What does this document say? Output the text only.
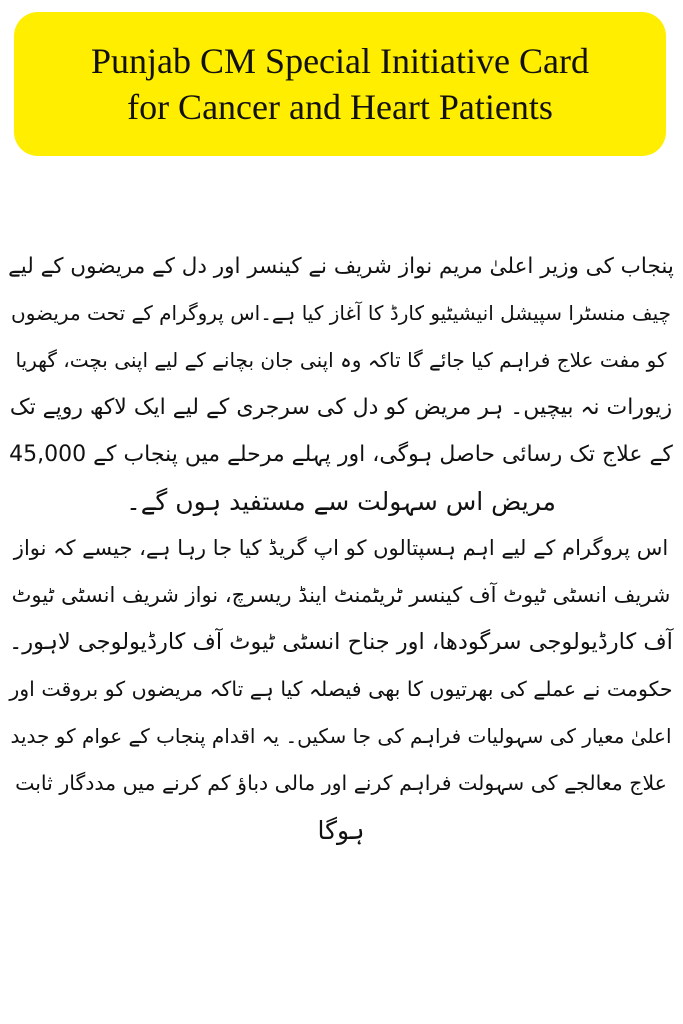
Punjab CM Special Initiative Card
for Cancer and Heart Patients

پنجاب کی وزیر اعلیٰ مریم نواز شریف نے کینسر اور دل کے مریضوں کے لیے

چیف منسٹرا سپیشل انیشیٹیو کارڈ کا آغاز کیا ہے۔اس پروگرام کے تحت مریضوں

کو مفت علاج فراہم کیا جائے گا تاکہ وہ اپنی جان بچانے کے لیے اپنی بچت، گھریا

زیورات نہ بیچیں۔ ہر مریض کو دل کی سرجری کے لیے ایک لاکھ روپے تک

کے علاج تک رسائی حاصل ہوگی، اور پہلے مرحلے میں پنجاب کے 45,000

مریض اس سہولت سے مستفید ہوں گے۔

اس پروگرام کے لیے اہم ہسپتالوں کو اپ گریڈ کیا جا رہا ہے، جیسے کہ نواز

شریف انسٹی ٹیوٹ آف کینسر ٹریٹمنٹ اینڈ ریسرچ، نواز شریف انسٹی ٹیوٹ

آف کارڈیولوجی سرگودھا، اور جناح انسٹی ٹیوٹ آف کارڈیولوجی لاہور۔

حکومت نے عملے کی بھرتیوں کا بھی فیصلہ کیا ہے تاکہ مریضوں کو بروقت اور

اعلیٰ معیار کی سہولیات فراہم کی جا سکیں۔ یہ اقدام پنجاب کے عوام کو جدید

علاج معالجے کی سہولت فراہم کرنے اور مالی دباؤ کم کرنے میں مددگار ثابت

ہوگا
